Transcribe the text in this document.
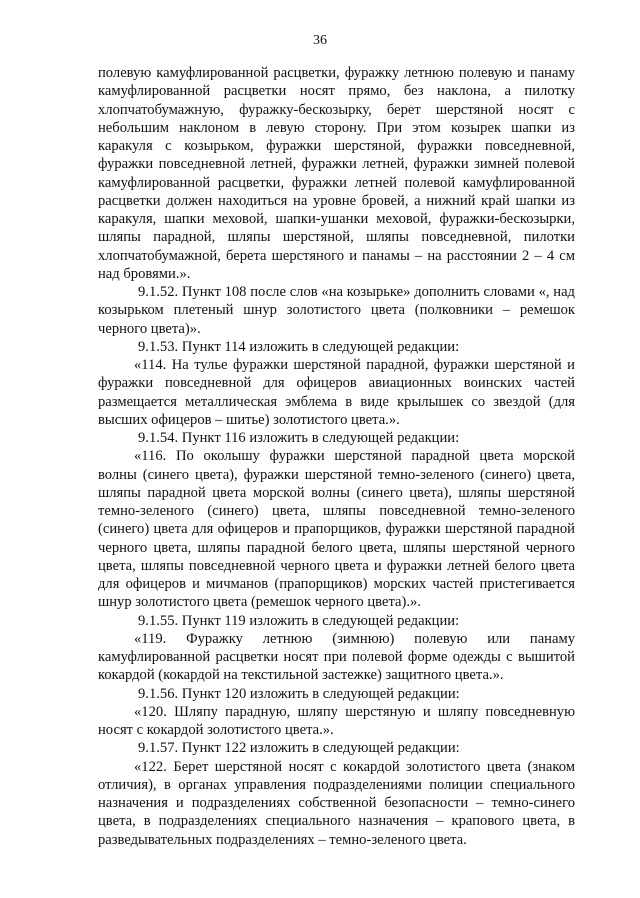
36

полевую камуфлированной расцветки, фуражку летнюю полевую и панаму камуфлированной расцветки носят прямо, без наклона, а пилотку хлопчатобумажную, фуражку-бескозырку, берет шерстяной носят с небольшим наклоном в левую сторону. При этом козырек шапки из каракуля с козырьком, фуражки шерстяной, фуражки повседневной, фуражки повседневной летней, фуражки летней, фуражки зимней полевой камуфлированной расцветки, фуражки летней полевой камуфлированной расцветки должен находиться на уровне бровей, а нижний край шапки из каракуля, шапки меховой, шапки-ушанки меховой, фуражки-бескозырки, шляпы парадной, шляпы шерстяной, шляпы повседневной, пилотки хлопчатобумажной, берета шерстяного и панамы – на расстоянии 2 – 4 см над бровями.».

9.1.52. Пункт 108 после слов «на козырьке» дополнить словами «, над козырьком плетеный шнур золотистого цвета (полковники – ремешок черного цвета)».

9.1.53. Пункт 114 изложить в следующей редакции:

«114. На тулье фуражки шерстяной парадной, фуражки шерстяной и фуражки повседневной для офицеров авиационных воинских частей размещается металлическая эмблема в виде крылышек со звездой (для высших офицеров – шитье) золотистого цвета.».

9.1.54. Пункт 116 изложить в следующей редакции:

«116. По околышу фуражки шерстяной парадной цвета морской волны (синего цвета), фуражки шерстяной темно-зеленого (синего) цвета, шляпы парадной цвета морской волны (синего цвета), шляпы шерстяной темно-зеленого (синего) цвета, шляпы повседневной темно-зеленого (синего) цвета для офицеров и прапорщиков, фуражки шерстяной парадной черного цвета, шляпы парадной белого цвета, шляпы шерстяной черного цвета, шляпы повседневной черного цвета и фуражки летней белого цвета для офицеров и мичманов (прапорщиков) морских частей пристегивается шнур золотистого цвета (ремешок черного цвета).».

9.1.55. Пункт 119 изложить в следующей редакции:

«119. Фуражку летнюю (зимнюю) полевую или панаму камуфлированной расцветки носят при полевой форме одежды с вышитой кокардой (кокардой на текстильной застежке) защитного цвета.».

9.1.56. Пункт 120 изложить в следующей редакции:

«120. Шляпу парадную, шляпу шерстяную и шляпу повседневную носят с кокардой золотистого цвета.».

9.1.57. Пункт 122 изложить в следующей редакции:

«122. Берет шерстяной носят с кокардой золотистого цвета (знаком отличия), в органах управления подразделениями полиции специального назначения и подразделениях собственной безопасности – темно-синего цвета, в подразделениях специального назначения – крапового цвета, в разведывательных подразделениях – темно-зеленого цвета.
